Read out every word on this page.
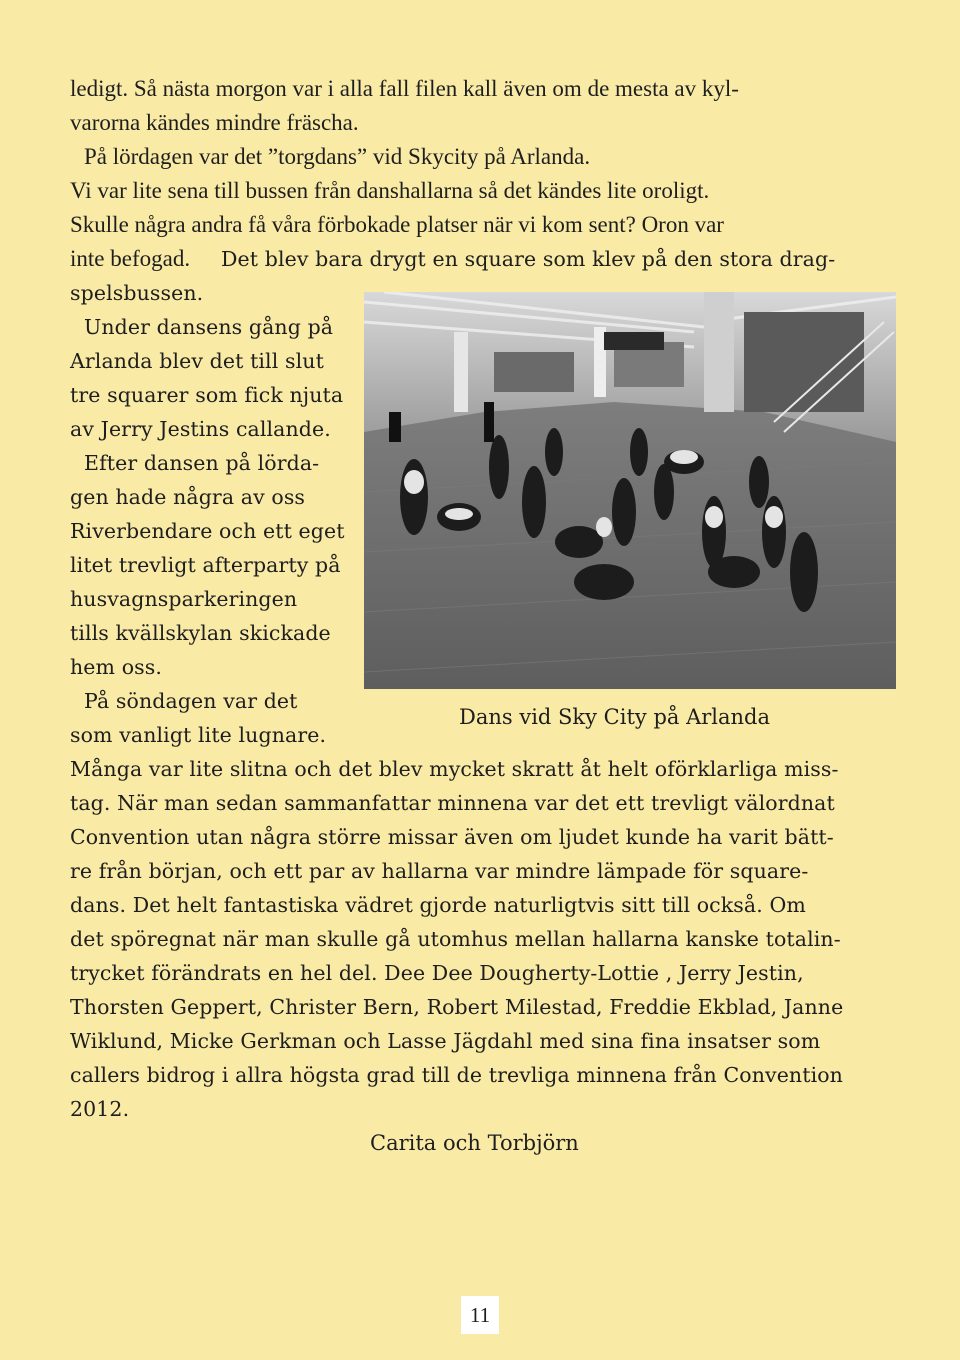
ledigt. Så nästa morgon var i alla fall filen kall även om de mesta av kyl-
varorna kändes mindre fräscha.
På lördagen var det ”torgdans” vid Skycity på Arlanda.
Vi var lite sena till bussen från danshallarna så det kändes lite oroligt.
Skulle några andra få våra förbokade platser när vi kom sent? Oron var
inte befogad. Det blev bara drygt en square som klev på den stora drag-
spelsbussen.
Under dansens gång på
Arlanda blev det till slut
tre squarer som fick njuta
av Jerry Jestins callande.
Efter dansen på lörda-
gen hade några av oss
Riverbendare och ett eget
litet trevligt afterparty på
husvagnsparkeringen
tills kvällskylan skickade
hem oss.
På söndagen var det
som vanligt lite lugnare.
Dans vid Sky City på Arlanda
Många var lite slitna och det blev mycket skratt åt helt oförklarliga miss-
tag. När man sedan sammanfattar minnena var det ett trevligt välordnat
Convention utan några större missar även om ljudet kunde ha varit bätt-
re från början, och ett par av hallarna var mindre lämpade för square-
dans. Det helt fantastiska vädret gjorde naturligtvis sitt till också. Om
det spöregnat när man skulle gå utomhus mellan hallarna kanske totalin-
trycket förändrats en hel del. Dee Dee Dougherty-Lottie , Jerry Jestin,
Thorsten Geppert, Christer Bern, Robert Milestad, Freddie Ekblad, Janne
Wiklund, Micke Gerkman och Lasse Jägdahl med sina fina insatser som
callers bidrog i allra högsta grad till de trevliga minnena från Convention
2012.
Carita och Torbjörn
11
